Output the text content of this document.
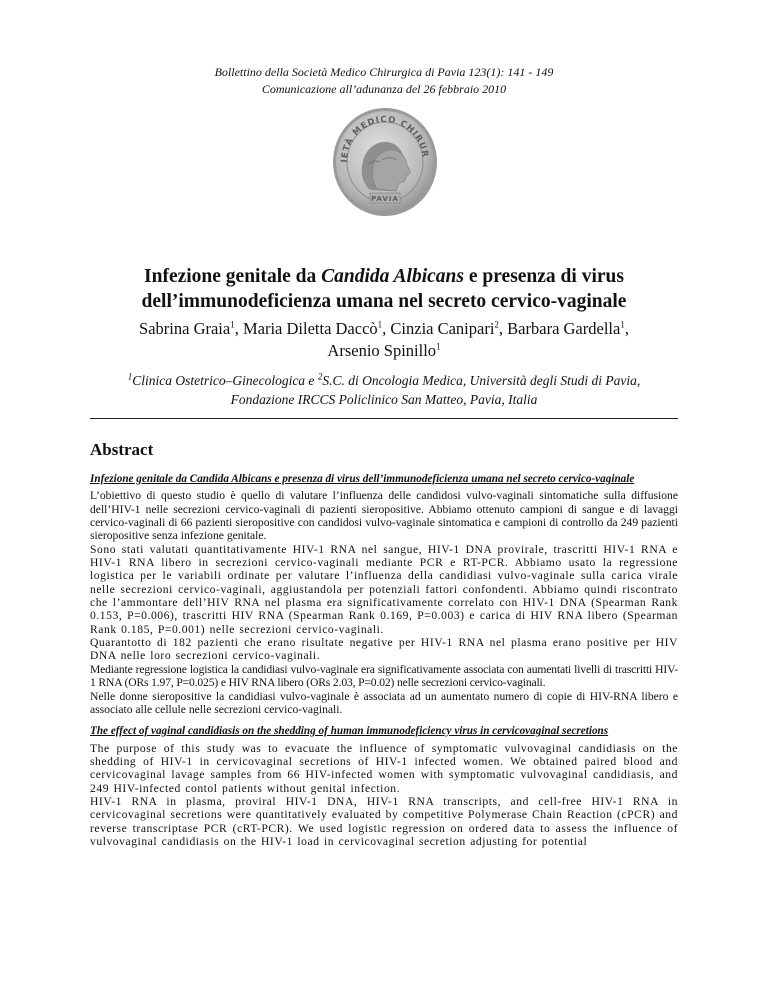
Bollettino della Società Medico Chirurgica di Pavia 123(1): 141 - 149
Comunicazione all’adunanza del 26 febbraio 2010
IETÀ MEDICO CHIRUR
PAVIA
Infezione genitale da Candida Albicans e presenza di virus
dell’immunodeficienza umana nel secreto cervico-vaginale
Sabrina Graia$^1$, Maria Diletta Daccò$^1$, Cinzia Canipari$^2$, Barbara Gardella$^1$,
Arsenio Spinillo$^1$
$^1$Clinica Ostetrico–Ginecologica e $^2$S.C. di Oncologia Medica, Università degli Studi di Pavia,
Fondazione IRCCS Policlinico San Matteo, Pavia, Italia
Abstract

Infezione genitale da Candida Albicans e presenza di virus dell’immunodeficienza umana nel secreto cervico-vaginale

L’obiettivo di questo studio è quello di valutare l’influenza delle candidosi vulvo-vaginali sintomatiche sulla diffusione dell’HIV-1 nelle secrezioni cervico-vaginali di pazienti sieropositive. Abbiamo ottenuto campioni di sangue e di lavaggi cervico-vaginali di 66 pazienti sieropositive con candidosi vulvo-vaginale sintomatica e campioni di controllo da 249 pazienti sieropositive senza infezione genitale.

Sono stati valutati quantitativamente HIV-1 RNA nel sangue, HIV-1 DNA provirale, trascritti HIV-1 RNA e HIV-1 RNA libero in secrezioni cervico-vaginali mediante PCR e RT-PCR. Abbiamo usato la regressione logistica per le variabili ordinate per valutare l’influenza della candidiasi vulvo-vaginale sulla carica virale nelle secrezioni cervico-vaginali, aggiustandola per potenziali fattori confondenti. Abbiamo quindi riscontrato che l’ammontare dell’HIV RNA nel plasma era significativamente correlato con HIV-1 DNA (Spearman Rank 0.153, P=0.006), trascritti HIV RNA (Spearman Rank 0.169, P=0.003) e carica di HIV RNA libero (Spearman Rank 0.185, P=0.001) nelle secrezioni cervico-vaginali.

Quarantotto di 182 pazienti che erano risultate negative per HIV-1 RNA nel plasma erano positive per HIV DNA nelle loro secrezioni cervico-vaginali.

Mediante regressione logistica la candidiasi vulvo-vaginale era significativamente associata con aumentati livelli di trascritti HIV-1 RNA (ORs 1.97, P=0.025) e HIV RNA libero (ORs 2.03, P=0.02) nelle secrezioni cervico-vaginali.

Nelle donne sieropositive la candidiasi vulvo-vaginale è associata ad un aumentato numero di copie di HIV-RNA libero e associato alle cellule nelle secrezioni cervico-vaginali.

The effect of vaginal candidiasis on the shedding of human immunodeficiency virus in cervicovaginal secretions

The purpose of this study was to evacuate the influence of symptomatic vulvovaginal candidiasis on the shedding of HIV-1 in cervicovaginal secretions of HIV-1 infected women. We obtained paired blood and cervicovaginal lavage samples from 66 HIV-infected women with symptomatic vulvovaginal candidiasis, and 249 HIV-infected contol patients without genital infection.

HIV-1 RNA in plasma, proviral HIV-1 DNA, HIV-1 RNA transcripts, and cell-free HIV-1 RNA in cervicovaginal secretions were quantitatively evaluated by competitive Polymerase Chain Reaction (cPCR) and reverse transcriptase PCR (cRT-PCR). We used logistic regression on ordered data to assess the influence of vulvovaginal candidiasis on the HIV-1 load in cervicovaginal secretion adjusting for potential
